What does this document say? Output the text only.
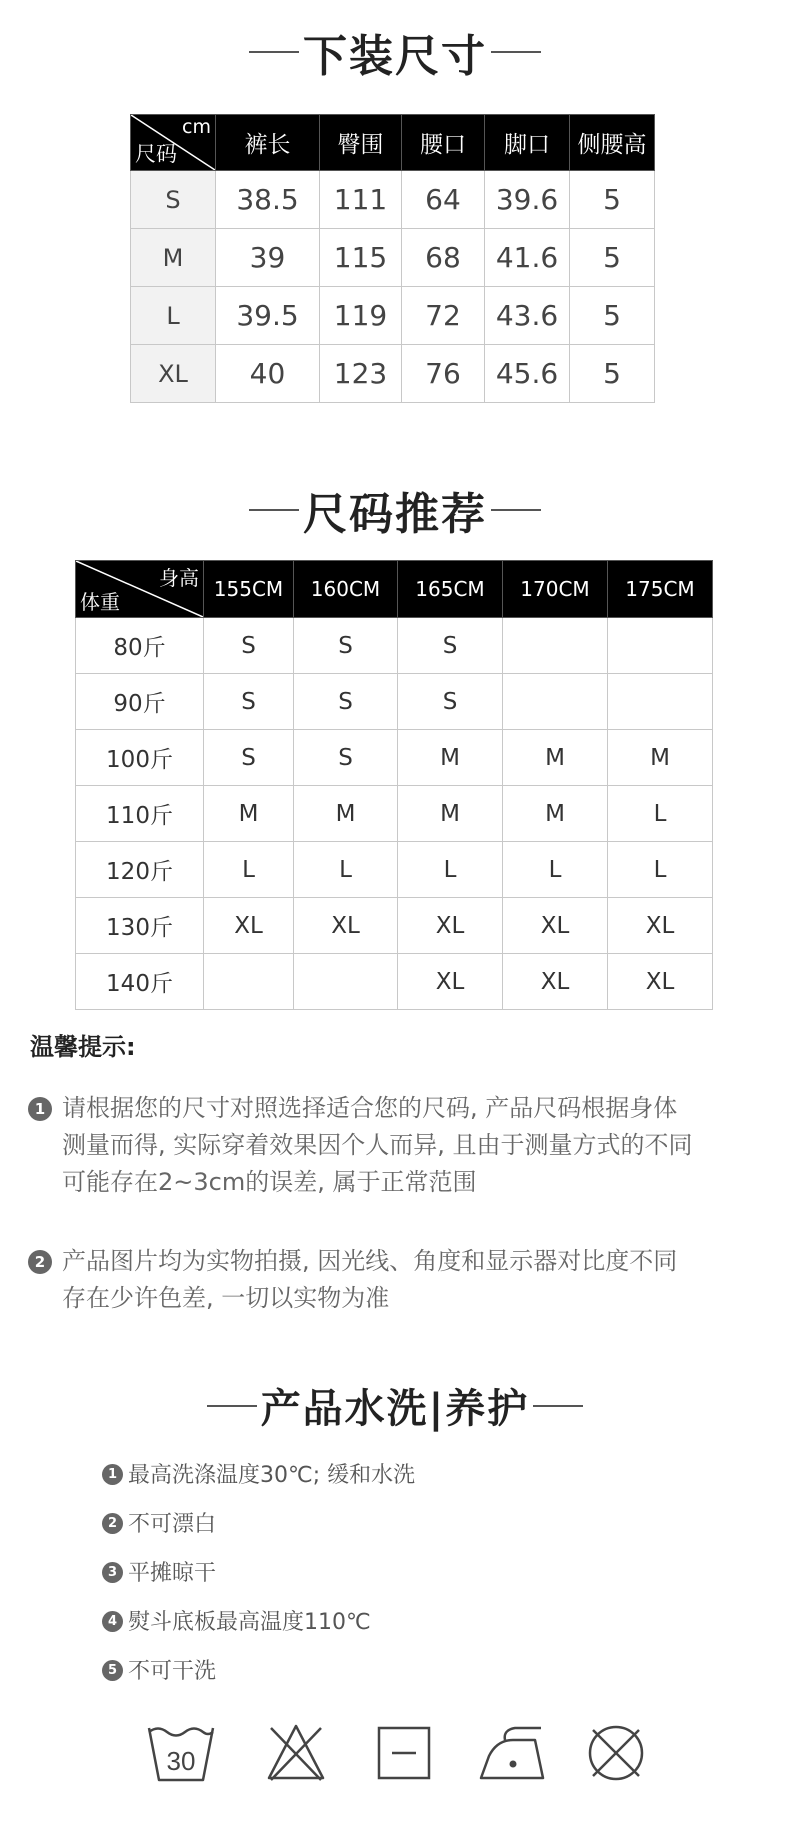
下装尺寸
cm
尺码	裤长	臀围	腰口	脚口	侧腰高
S	38.5	111	64	39.6	5
M	39	115	68	41.6	5
L	39.5	119	72	43.6	5
XL	40	123	76	45.6	5
尺码推荐
身高
体重	155CM	160CM	165CM	170CM	175CM
80斤	S	S	S		
90斤	S	S	S		
100斤	S	S	M	M	M
110斤	M	M	M	M	L
120斤	L	L	L	L	L
130斤	XL	XL	XL	XL	XL
140斤			XL	XL	XL
温馨提示:
1 请根据您的尺寸对照选择适合您的尺码, 产品尺码根据身体
测量而得, 实际穿着效果因个人而异, 且由于测量方式的不同
可能存在2~3cm的误差, 属于正常范围
2 产品图片均为实物拍摄, 因光线、角度和显示器对比度不同
存在少许色差, 一切以实物为准
产品水洗|养护
1 最高洗涤温度30℃; 缓和水洗
2 不可漂白
3 平摊晾干
4 熨斗底板最高温度110℃
5 不可干洗
30
